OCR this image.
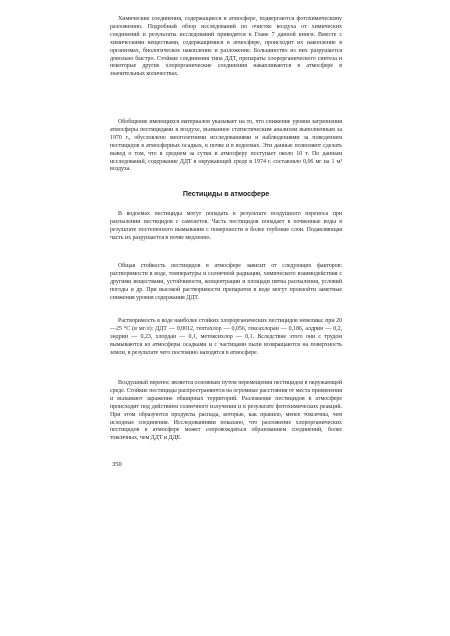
Химические соединения, содержащиеся в атмосфере, подвергаются фотохимическому разложению. Подробный обзор исследований по очистке воздуха от химических соединений и результаты исследований приводятся в Главе 7 данной книги. Вместе с химическими веществами, содержащимися в атмосфере, происходит их накопление в организмах, биологическое накопление и разложение. Большинство из них разрушается довольно быстро. Стойкие соединения типа ДДТ, препараты хлорорганического синтеза и некоторые другие хлорорганические соединения накапливаются в атмосфере в значительных количествах.

Обобщение имеющихся материалов указывает на то, что снижение уровня загрязнения атмосферы пестицидами в воздухе, вызванное статистическим анализом выполненным за 1970 г., обусловлено многолетними исследованиями и наблюдениями за поведением пестицидов в атмосферных осадках, в почве и в водоемах. Эти данные позволяют сделать вывод о том, что в среднем за сутки в атмосферу поступает около 10 т. По данным исследований, содержание ДДТ в окружающей среде в 1974 г. составляло 0,06 мг на 1 м³ воздуха.

Пестициды в атмосфере

В водоемах пестициды могут попадать в результате воздушного переноса при распылении пестицидов с самолетов. Часть пестицидов попадает в почвенные воды в результате постепенного вымывания с поверхности в более глубокие слои. Подавляющая часть их разрушается в почве медленно.

Общая стойкость пестицидов в атмосфере зависит от следующих факторов: растворимости в воде, температуры и солнечной радиации, химического взаимодействия с другими веществами, устойчивости, концентрации и площади пятна распыления, условий погоды и др. При высокой растворимости препаратов в воде могут произойти заметные снижения уровня содержания ДДТ.

Растворимость в воде наиболее стойких хлорорганических пестицидов невелика: при 20—25 °С (в мг/л): ДДТ — 0,0012, гептахлор — 0,056, гексахлоран — 0,186, алдрин — 0,2, эндрин — 0,23, хлордан — 0,1, метоксихлор — 0,1. Вследствие этого они с трудом вымываются из атмосферы осадками и с частицами пыли возвращаются на поверхность земли, в результате чего постоянно находятся в атмосфере.

Воздушный перенос является основным путем перемещения пестицидов в окружающей среде. Стойкие пестициды распространяются на огромные расстояния от места применения и вызывают заражение обширных территорий. Разложение пестицидов в атмосфере происходит под действием солнечного излучения и в результате фотохимических реакций. При этом образуются продукты распада, которые, как правило, менее токсичны, чем исходные соединения. Исследованиями показано, что разложение хлорорганических пестицидов в атмосфере может сопровождаться образованием соединений, более токсичных, чем ДДТ и ДДЕ.

350
